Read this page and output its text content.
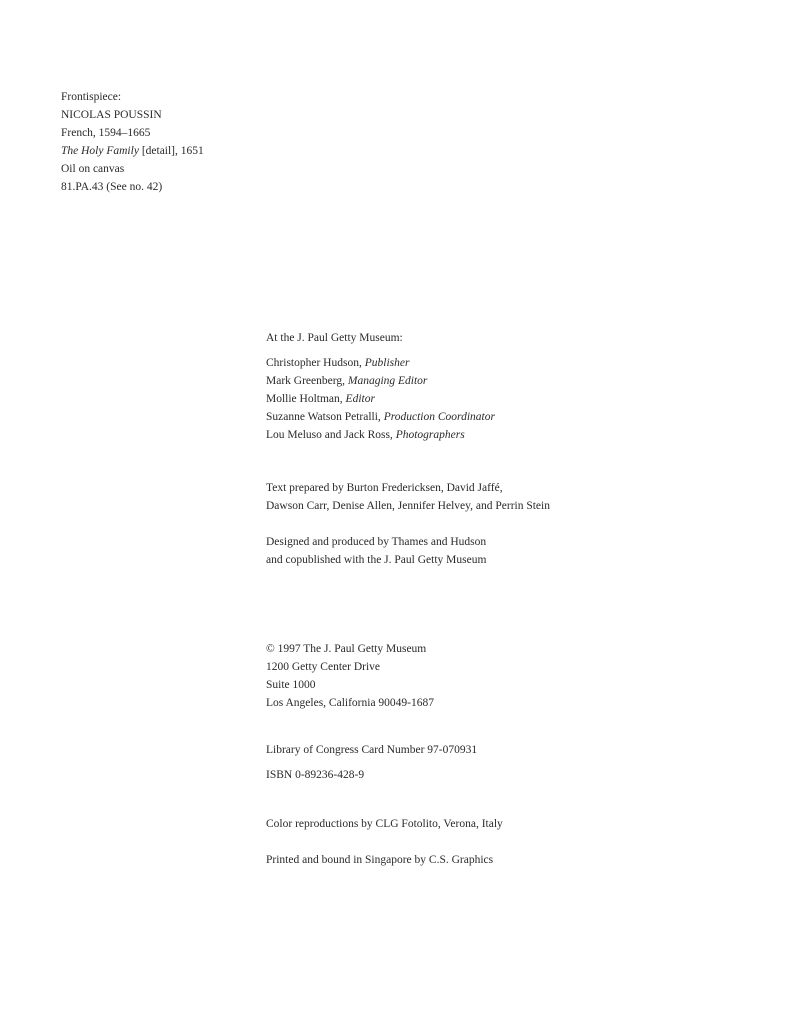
Frontispiece:
NICOLAS POUSSIN
French, 1594–1665
The Holy Family [detail], 1651
Oil on canvas
81.PA.43 (See no. 42)
At the J. Paul Getty Museum:
Christopher Hudson, Publisher
Mark Greenberg, Managing Editor
Mollie Holtman, Editor
Suzanne Watson Petralli, Production Coordinator
Lou Meluso and Jack Ross, Photographers
Text prepared by Burton Fredericksen, David Jaffé,
Dawson Carr, Denise Allen, Jennifer Helvey, and Perrin Stein
Designed and produced by Thames and Hudson
and copublished with the J. Paul Getty Museum
© 1997 The J. Paul Getty Museum
1200 Getty Center Drive
Suite 1000
Los Angeles, California 90049-1687
Library of Congress Card Number 97-070931
ISBN 0-89236-428-9
Color reproductions by CLG Fotolito, Verona, Italy
Printed and bound in Singapore by C.S. Graphics
